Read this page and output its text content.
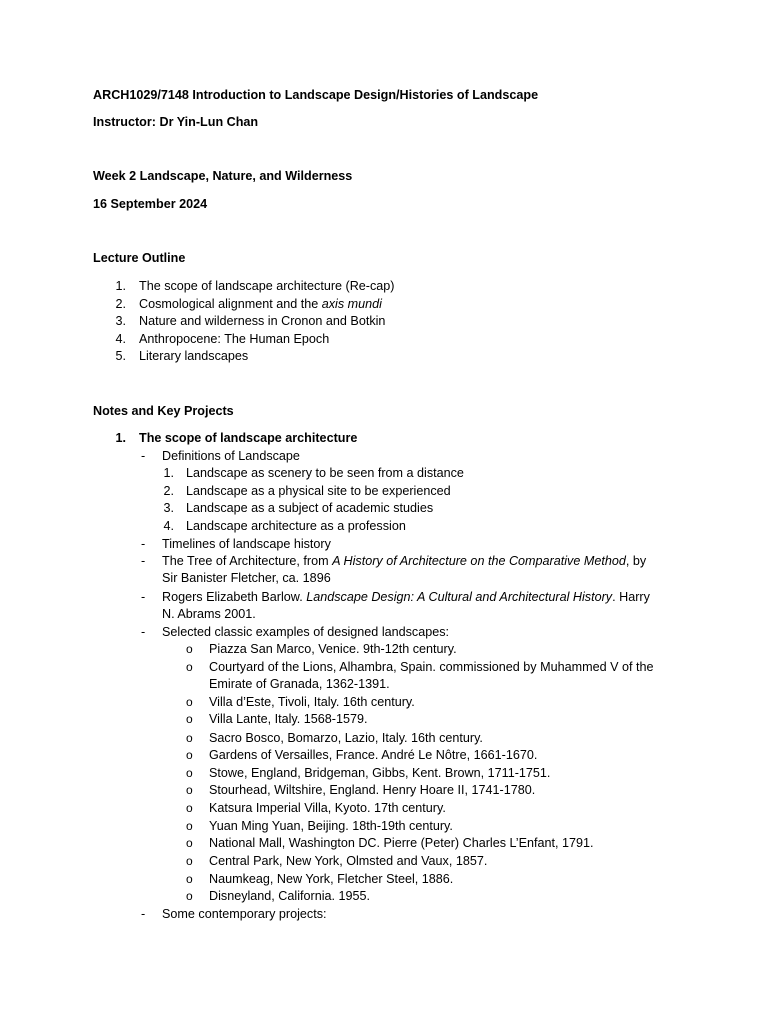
ARCH1029/7148 Introduction to Landscape Design/Histories of Landscape
Instructor: Dr Yin-Lun Chan
Week 2 Landscape, Nature, and Wilderness
16 September 2024
Lecture Outline
1. The scope of landscape architecture (Re-cap)
2. Cosmological alignment and the axis mundi
3. Nature and wilderness in Cronon and Botkin
4. Anthropocene: The Human Epoch
5. Literary landscapes
Notes and Key Projects
1. The scope of landscape architecture
- Definitions of Landscape
1. Landscape as scenery to be seen from a distance
2. Landscape as a physical site to be experienced
3. Landscape as a subject of academic studies
4. Landscape architecture as a profession
- Timelines of landscape history
- The Tree of Architecture, from A History of Architecture on the Comparative Method, by
Sir Banister Fletcher, ca. 1896
- Rogers Elizabeth Barlow. Landscape Design: A Cultural and Architectural History. Harry
N. Abrams 2001.
- Selected classic examples of designed landscapes:
o Piazza San Marco, Venice. 9th-12th century.
o Courtyard of the Lions, Alhambra, Spain. commissioned by Muhammed V of the
Emirate of Granada, 1362-1391.
o Villa d’Este, Tivoli, Italy. 16th century.
o Villa Lante, Italy. 1568-1579.
o Sacro Bosco, Bomarzo, Lazio, Italy. 16th century.
o Gardens of Versailles, France. André Le Nôtre, 1661-1670.
o Stowe, England, Bridgeman, Gibbs, Kent. Brown, 1711-1751.
o Stourhead, Wiltshire, England. Henry Hoare II, 1741-1780.
o Katsura Imperial Villa, Kyoto. 17th century.
o Yuan Ming Yuan, Beijing. 18th-19th century.
o National Mall, Washington DC. Pierre (Peter) Charles L’Enfant, 1791.
o Central Park, New York, Olmsted and Vaux, 1857.
o Naumkeag, New York, Fletcher Steel, 1886.
o Disneyland, California. 1955.
- Some contemporary projects:
